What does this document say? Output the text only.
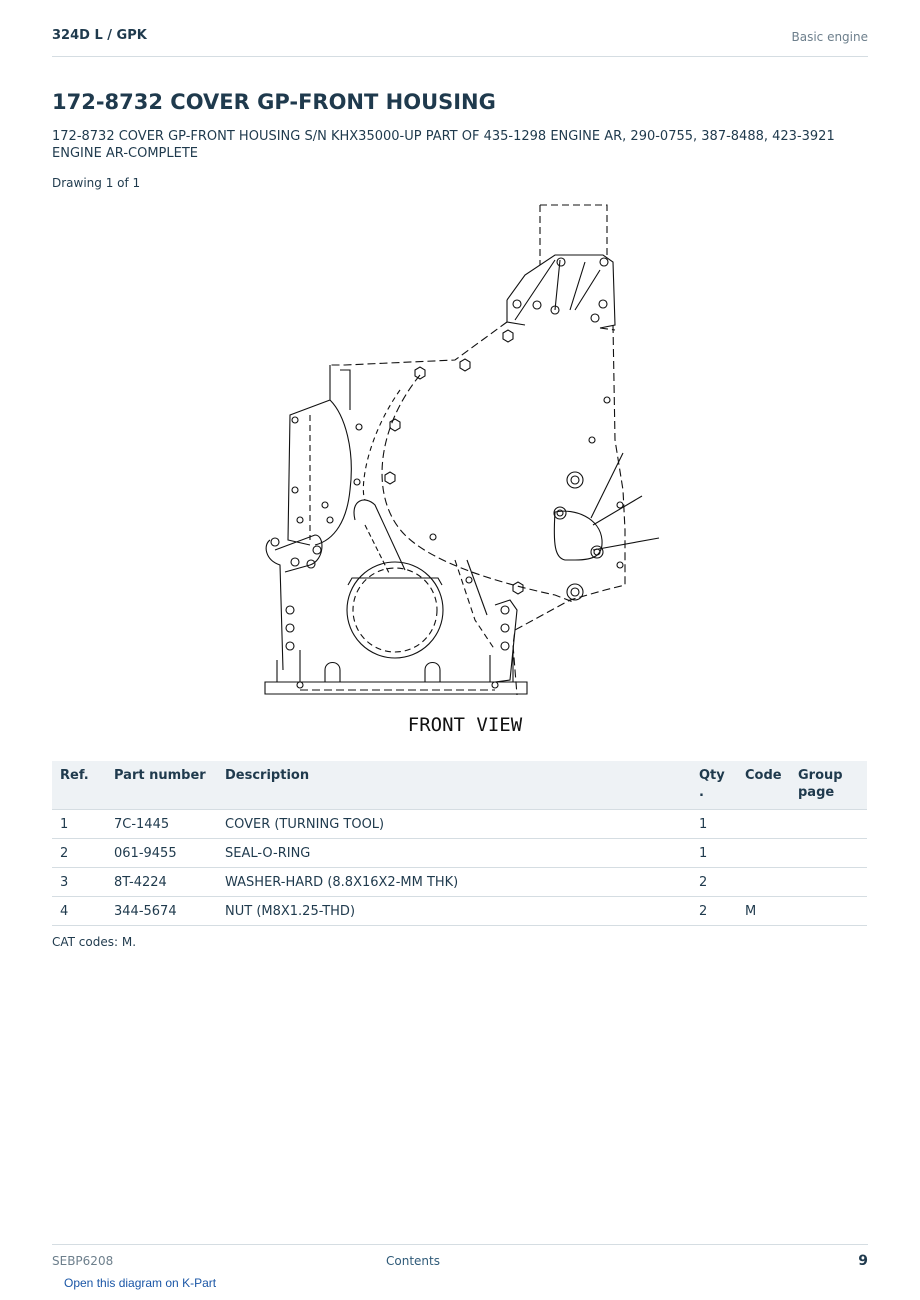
324D L / GPK	Basic engine
172-8732 COVER GP-FRONT HOUSING
172-8732 COVER GP-FRONT HOUSING S/N KHX35000-UP PART OF 435-1298 ENGINE AR, 290-0755, 387-8488, 423-3921 ENGINE AR-COMPLETE
Drawing 1 of 1
FRONT VIEW
Ref.	Part number	Description	Qty .	Code	Group page
1	7C-1445	COVER (TURNING TOOL)	1		
2	061-9455	SEAL-O-RING	1		
3	8T-4224	WASHER-HARD (8.8X16X2-MM THK)	2		
4	344-5674	NUT (M8X1.25-THD)	2	M	
CAT codes: M.
SEBP6208	Contents	9
Open this diagram on K-Part
